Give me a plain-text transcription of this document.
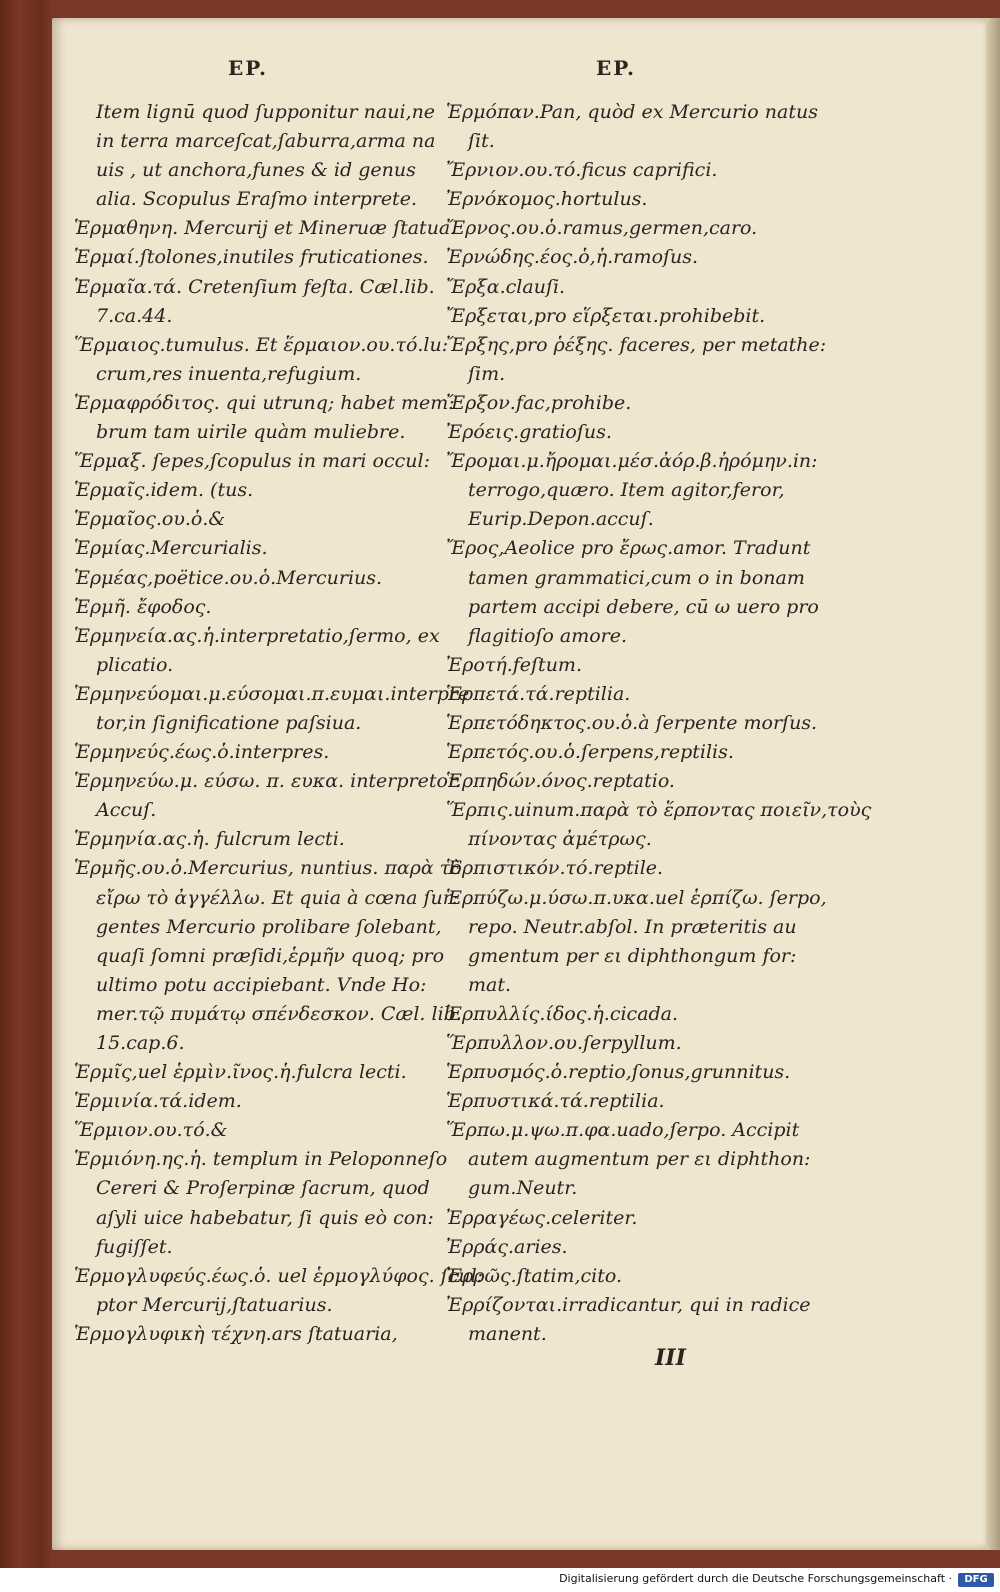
EP.	EP.
Item lignū quod ſupponitur naui,ne
in terra marceſcat,ſaburra,arma na
uis , ut anchora,funes & id genus
alia. Scopulus Eraſmo interprete.
Ἑρμαθηνη. Mercurij et Mineruæ ſtatua.
Ἑρμαί.ſtolones,inutiles fruticationes.
Ἑρμαῖα.τά. Cretenſium feſta. Cæl.lib.
7.ca.44.
Ἕρμαιος.tumulus. Et ἕρμαιον.ου.τό.lu:
crum,res inuenta,refugium.
Ἑρμαφρόδιτος. qui utrunq; habet mem:
brum tam uirile quàm muliebre.
Ἕρμαξ. ſepes,ſcopulus in mari occul:
Ἑρμαῖς.idem. (tus.
Ἑρμαῖος.ου.ὁ.&
Ἑρμίας.Mercurialis.
Ἑρμέας,poëtice.ου.ὁ.Mercurius.
Ἑρμῆ. ἔφοδος.
Ἑρμηνεία.ας.ἡ.interpretatio,ſermo, ex
plicatio.
Ἑρμηνεύομαι.μ.εύσομαι.π.ευμαι.interpre
tor,in ſignificatione paſsiua.
Ἑρμηνεύς.έως.ὁ.interpres.
Ἑρμηνεύω.μ. εύσω. π. ευκα. interpretor.
Accuſ.
Ἑρμηνία.ας.ἡ. fulcrum lecti.
Ἑρμῆς.ου.ὁ.Mercurius, nuntius. παρὰ τὸ
εἴρω τὸ ἀγγέλλω. Et quia à cœna ſur:
gentes Mercurio prolibare ſolebant,
quaſi ſomni præſidi,ἑρμῆν quoq; pro
ultimo potu accipiebant. Vnde Ho:
mer.τῷ πυμάτῳ σπένδεσκον. Cæl. lib.
15.cap.6.
Ἑρμῖς,uel ἑρμὶν.ῖνος.ἡ.fulcra lecti.
Ἑρμινία.τά.idem.
Ἕρμιον.ου.τό.&
Ἑρμιόνη.ης.ἡ. templum in Peloponneſo
Cereri & Proſerpinæ ſacrum, quod
aſyli uice habebatur, ſi quis eò con:
fugiſſet.
Ἑρμογλυφεύς.έως.ὁ. uel ἑρμογλύφος. ſcul:
ptor Mercurij,ſtatuarius.
Ἑρμογλυφικὴ τέχνη.ars ſtatuaria,
Ἑρμόπαν.Pan, quòd ex Mercurio natus
ſit.
Ἔρνιον.ου.τό.ficus caprifici.
Ἐρνόκομος.hortulus.
Ἔρνος.ου.ὁ.ramus,germen,caro.
Ἐρνώδης.έος.ὁ,ἡ.ramoſus.
Ἔρξα.clauſi.
Ἔρξεται,pro εἵρξεται.prohibebit.
Ἔρξης,pro ῥέξης. faceres, per metathe:
ſim.
Ἔρξον.fac,prohibe.
Ἐρόεις.gratioſus.
Ἔρομαι.μ.ἤρομαι.μέσ.ἀόρ.β.ἠρόμην.in:
terrogo,quæro. Item agitor,feror,
Eurip.Depon.accuſ.
Ἔρος,Aeolice pro ἔρως.amor. Tradunt
tamen grammatici,cum o in bonam
partem accipi debere, cū ω uero pro
flagitioſo amore.
Ἐροτή.feſtum.
Ἑρπετά.τά.reptilia.
Ἑρπετόδηκτος.ου.ὁ.à ſerpente morſus.
Ἑρπετός.ου.ὁ.ſerpens,reptilis.
Ἑρπηδών.όνος.reptatio.
Ἕρπις.uinum.παρὰ τὸ ἕρποντας ποιεῖν,τοὺς
πίνοντας ἀμέτρως.
Ἑρπιστικόν.τό.reptile.
Ἑρπύζω.μ.ύσω.π.υκα.uel ἑρπίζω. ſerpo,
repo. Neutr.abſol. In præteritis au
gmentum per ει diphthongum for:
mat.
Ἑρπυλλίς.ίδος.ἡ.cicada.
Ἕρπυλλον.ου.ſerpyllum.
Ἑρπυσμός.ὁ.reptio,ſonus,grunnitus.
Ἑρπυστικά.τά.reptilia.
Ἕρπω.μ.ψω.π.φα.uado,ſerpo. Accipit
autem augmentum per ει diphthon:
gum.Neutr.
Ἐρραγέως.celeriter.
Ἐρράς.aries.
Ἐρρῶς.ſtatim,cito.
Ἐρρίζονται.irradicantur, qui in radice
manent.
III
Digitalisierung gefördert durch die Deutsche Forschungsgemeinschaft ·	DFG
